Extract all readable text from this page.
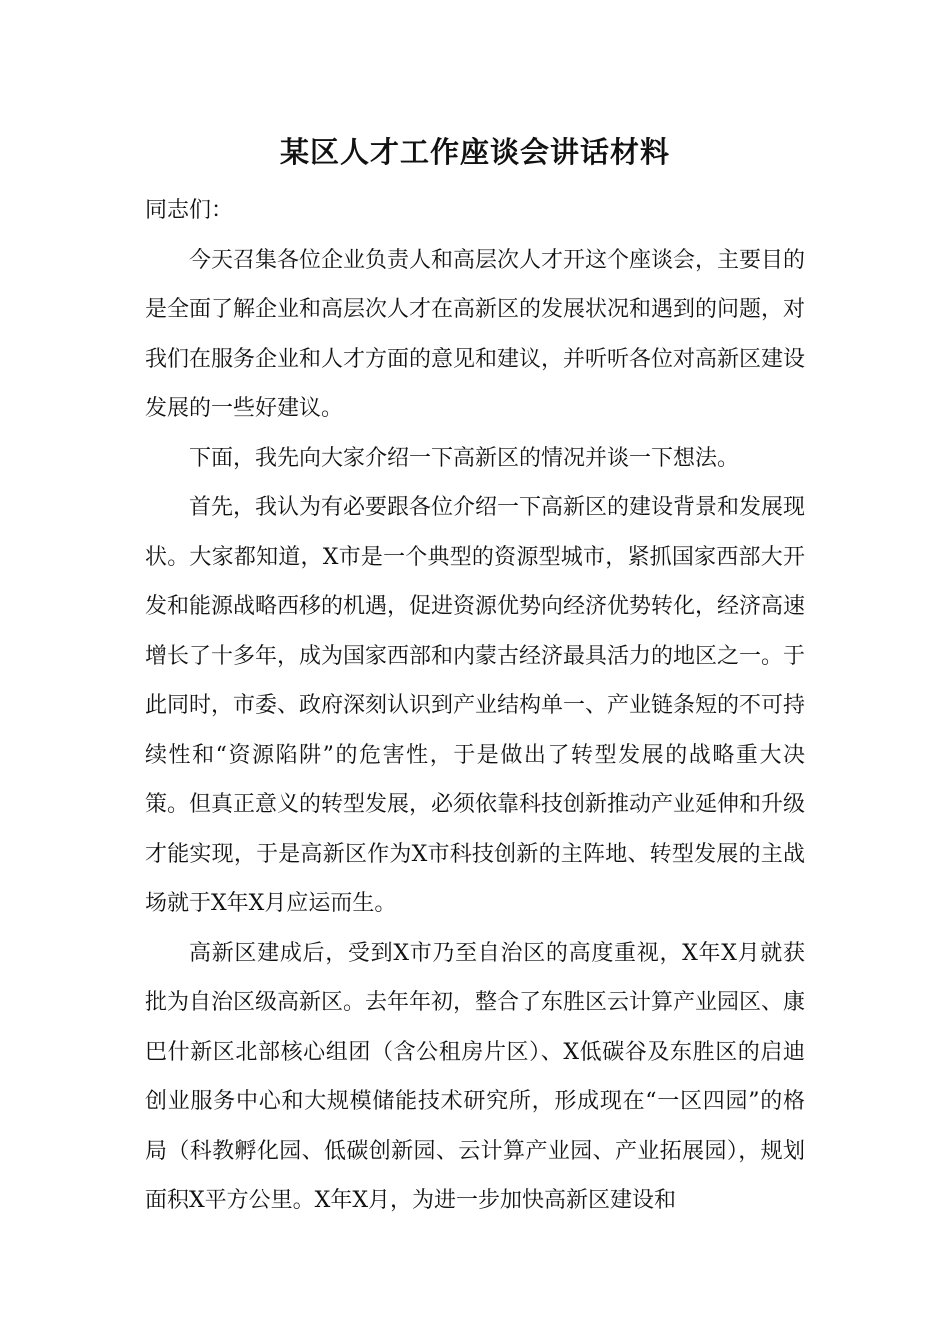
某区人才工作座谈会讲话材料

同志们：

今天召集各位企业负责人和高层次人才开这个座谈会，主要目的是全面了解企业和高层次人才在高新区的发展状况和遇到的问题，对我们在服务企业和人才方面的意见和建议，并听听各位对高新区建设发展的一些好建议。

下面，我先向大家介绍一下高新区的情况并谈一下想法。

首先，我认为有必要跟各位介绍一下高新区的建设背景和发展现状。大家都知道，X市是一个典型的资源型城市，紧抓国家西部大开发和能源战略西移的机遇，促进资源优势向经济优势转化，经济高速增长了十多年，成为国家西部和内蒙古经济最具活力的地区之一。于此同时，市委、政府深刻认识到产业结构单一、产业链条短的不可持续性和“资源陷阱”的危害性，于是做出了转型发展的战略重大决策。但真正意义的转型发展，必须依靠科技创新推动产业延伸和升级才能实现，于是高新区作为X市科技创新的主阵地、转型发展的主战场就于X年X月应运而生。

高新区建成后，受到X市乃至自治区的高度重视，X年X月就获批为自治区级高新区。去年年初，整合了东胜区云计算产业园区、康巴什新区北部核心组团（含公租房片区）、X低碳谷及东胜区的启迪创业服务中心和大规模储能技术研究所，形成现在“一区四园”的格局（科教孵化园、低碳创新园、云计算产业园、产业拓展园），规划面积X平方公里。X年X月，为进一步加快高新区建设和
